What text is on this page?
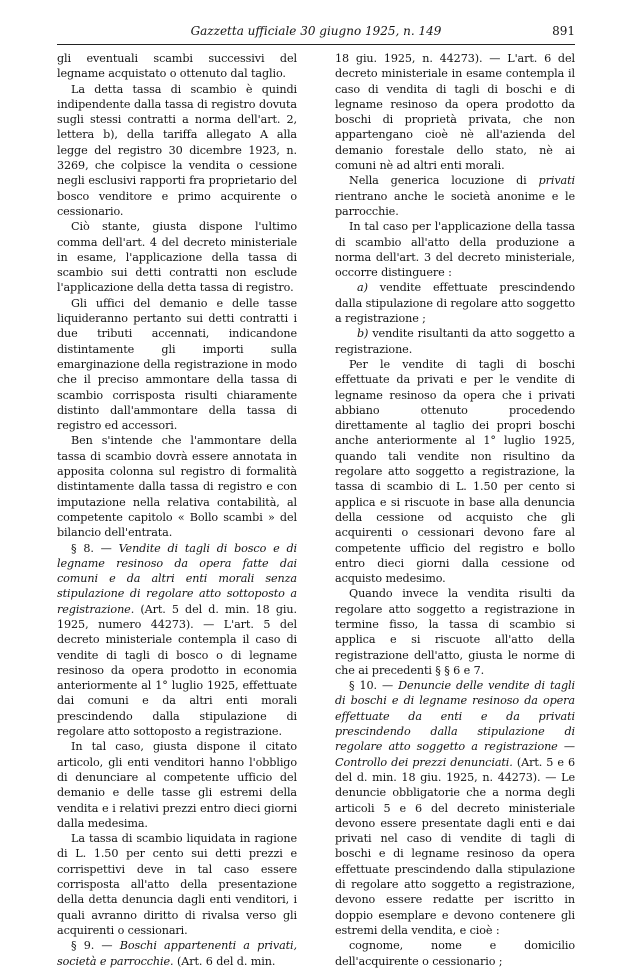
Gazzetta ufficiale 30 giugno 1925, n. 149	891

gli eventuali scambi successivi del legname acquistato o ottenuto dal taglio.

La detta tassa di scambio è quindi indipendente dalla tassa di registro dovuta sugli stessi contratti a norma dell'art. 2, lettera b), della tariffa allegato A alla legge del registro 30 dicembre 1923, n. 3269, che colpisce la vendita o cessione negli esclusivi rapporti fra proprietario del bosco venditore e primo acquirente o cessionario.

Ciò stante, giusta dispone l'ultimo comma dell'art. 4 del decreto ministeriale in esame, l'applicazione della tassa di scambio sui detti contratti non esclude l'applicazione della detta tassa di registro.

Gli uffici del demanio e delle tasse liquideranno pertanto sui detti contratti i due tributi accennati, indicandone distintamente gli importi sulla emarginazione della registrazione in modo che il preciso ammontare della tassa di scambio corrisposta risulti chiaramente distinto dall'ammontare della tassa di registro ed accessori.

Ben s'intende che l'ammontare della tassa di scambio dovrà essere annotata in apposita colonna sul registro di formalità distintamente dalla tassa di registro e con imputazione nella relativa contabilità, al competente capitolo « Bollo scambi » del bilancio dell'entrata.

§ 8. — Vendite di tagli di bosco e di legname resinoso da opera fatte dai comuni e da altri enti morali senza stipulazione di regolare atto sottoposto a registrazione. (Art. 5 del d. min. 18 giu. 1925, numero 44273). — L'art. 5 del decreto ministeriale contempla il caso di vendite di tagli di bosco o di legname resinoso da opera prodotto in economia anteriormente al 1° luglio 1925, effettuate dai comuni e da altri enti morali prescindendo dalla stipulazione di regolare atto sottoposto a registrazione.

In tal caso, giusta dispone il citato articolo, gli enti venditori hanno l'obbligo di denunciare al competente ufficio del demanio e delle tasse gli estremi della vendita e i relativi prezzi entro dieci giorni dalla medesima.

La tassa di scambio liquidata in ragione di L. 1.50 per cento sui detti prezzi e corrispettivi deve in tal caso essere corrisposta all'atto della presentazione della detta denuncia dagli enti venditori, i quali avranno diritto di rivalsa verso gli acquirenti o cessionari.

§ 9. — Boschi appartenenti a privati, società e parrocchie. (Art. 6 del d. min.

18 giu. 1925, n. 44273). — L'art. 6 del decreto ministeriale in esame contempla il caso di vendita di tagli di boschi e di legname resinoso da opera prodotto da boschi di proprietà privata, che non appartengano cioè nè all'azienda del demanio forestale dello stato, nè ai comuni nè ad altri enti morali.

Nella generica locuzione di privati rientrano anche le società anonime e le parrocchie.

In tal caso per l'applicazione della tassa di scambio all'atto della produzione a norma dell'art. 3 del decreto ministeriale, occorre distinguere :

a) vendite effettuate prescindendo dalla stipulazione di regolare atto soggetto a registrazione ;

b) vendite risultanti da atto soggetto a registrazione.

Per le vendite di tagli di boschi effettuate da privati e per le vendite di legname resinoso da opera che i privati abbiano ottenuto procedendo direttamente al taglio dei propri boschi anche anteriormente al 1° luglio 1925, quando tali vendite non risultino da regolare atto soggetto a registrazione, la tassa di scambio di L. 1.50 per cento si applica e si riscuote in base alla denuncia della cessione od acquisto che gli acquirenti o cessionari devono fare al competente ufficio del registro e bollo entro dieci giorni dalla cessione od acquisto medesimo.

Quando invece la vendita risulti da regolare atto soggetto a registrazione in termine fisso, la tassa di scambio si applica e si riscuote all'atto della registrazione dell'atto, giusta le norme di che ai precedenti § § 6 e 7.

§ 10. — Denuncie delle vendite di tagli di boschi e di legname resinoso da opera effettuate da enti e da privati prescindendo dalla stipulazione di regolare atto soggetto a registrazione — Controllo dei prezzi denunciati. (Art. 5 e 6 del d. min. 18 giu. 1925, n. 44273). — Le denuncie obbligatorie che a norma degli articoli 5 e 6 del decreto ministeriale devono essere presentate dagli enti e dai privati nel caso di vendite di tagli di boschi e di legname resinoso da opera effettuate prescindendo dalla stipulazione di regolare atto soggetto a registrazione, devono essere redatte per iscritto in doppio esemplare e devono contenere gli estremi della vendita, e cioè :

cognome, nome e domicilio dell'acquirente o cessionario ;
